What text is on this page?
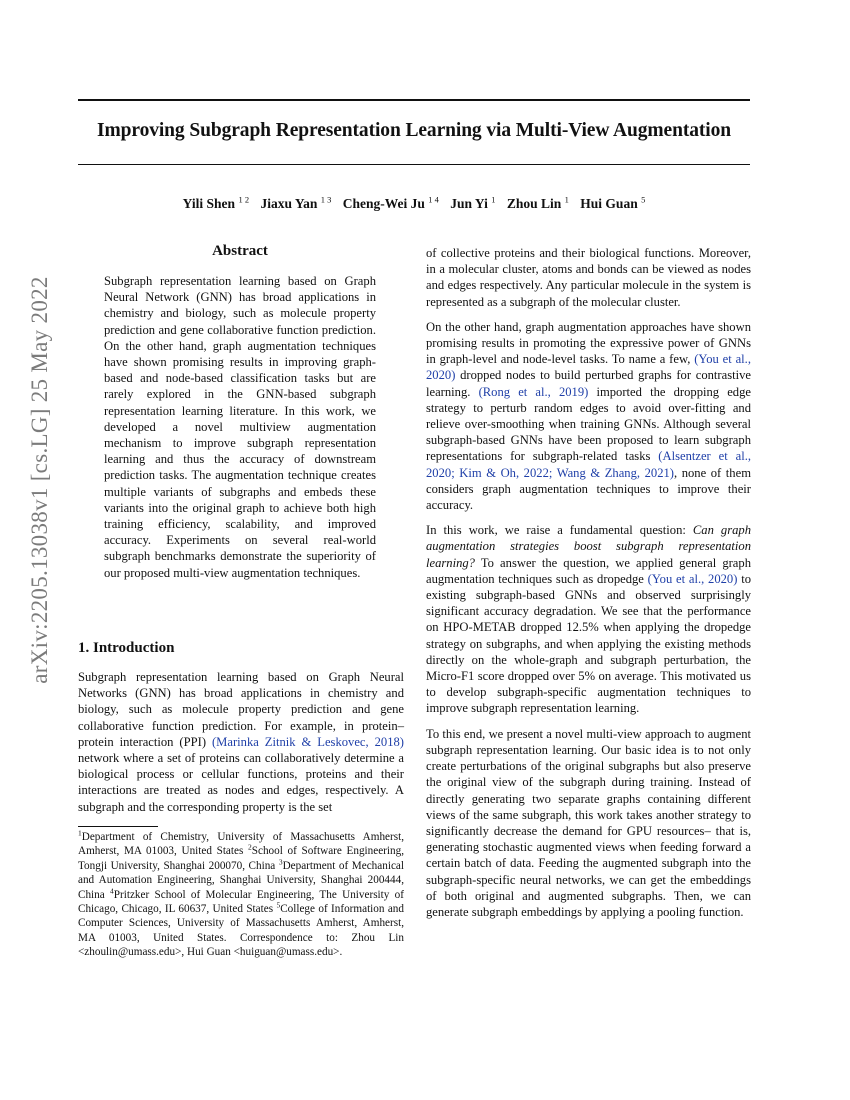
arXiv:2205.13038v1 [cs.LG] 25 May 2022
Improving Subgraph Representation Learning via Multi-View Augmentation
Yili Shen $^{1 2}$ Jiaxu Yan $^{1 3}$ Cheng-Wei Ju $^{1 4}$ Jun Yi $^1$ Zhou Lin $^1$ Hui Guan $^5$
Abstract

Subgraph representation learning based on Graph Neural Network (GNN) has broad applications in chemistry and biology, such as molecule property prediction and gene collaborative function prediction. On the other hand, graph augmentation techniques have shown promising results in improving graph-based and node-based classification tasks but are rarely explored in the GNN-based subgraph representation learning literature. In this work, we developed a novel multiview augmentation mechanism to improve subgraph representation learning and thus the accuracy of downstream prediction tasks. The augmentation technique creates multiple variants of subgraphs and embeds these variants into the original graph to achieve both high training efficiency, scalability, and improved accuracy. Experiments on several real-world subgraph benchmarks demonstrate the superiority of our proposed multi-view augmentation techniques.

1. Introduction

Subgraph representation learning based on Graph Neural Networks (GNN) has broad applications in chemistry and biology, such as molecule property prediction and gene collaborative function prediction. For example, in protein–protein interaction (PPI) (Marinka Zitnik & Leskovec, 2018) network where a set of proteins can collaboratively determine a biological process or cellular functions, proteins and their interactions are treated as nodes and edges, respectively. A subgraph and the corresponding property is the set

$^1$Department of Chemistry, University of Massachusetts Amherst, Amherst, MA 01003, United States $^2$School of Software Engineering, Tongji University, Shanghai 200070, China $^3$Department of Mechanical and Automation Engineering, Shanghai University, Shanghai 200444, China $^4$Pritzker School of Molecular Engineering, The University of Chicago, Chicago, IL 60637, United States $^5$College of Information and Computer Sciences, University of Massachusetts Amherst, Amherst, MA 01003, United States. Correspondence to: Zhou Lin <zhoulin@umass.edu>, Hui Guan <huiguan@umass.edu>.

of collective proteins and their biological functions. Moreover, in a molecular cluster, atoms and bonds can be viewed as nodes and edges respectively. Any particular molecule in the system is represented as a subgraph of the molecular cluster.

On the other hand, graph augmentation approaches have shown promising results in promoting the expressive power of GNNs in graph-level and node-level tasks. To name a few, (You et al., 2020) dropped nodes to build perturbed graphs for contrastive learning. (Rong et al., 2019) imported the dropping edge strategy to perturb random edges to avoid over-fitting and relieve over-smoothing when training GNNs. Although several subgraph-based GNNs have been proposed to learn subgraph representations for subgraph-related tasks (Alsentzer et al., 2020; Kim & Oh, 2022; Wang & Zhang, 2021), none of them considers graph augmentation techniques to improve their accuracy.

In this work, we raise a fundamental question: Can graph augmentation strategies boost subgraph representation learning? To answer the question, we applied general graph augmentation techniques such as dropedge (You et al., 2020) to existing subgraph-based GNNs and observed surprisingly significant accuracy degradation. We see that the performance on HPO-METAB dropped 12.5% when applying the dropedge strategy on subgraphs, and when applying the existing methods directly on the whole-graph and subgraph perturbation, the Micro-F1 score dropped over 5% on average. This motivated us to develop subgraph-specific augmentation techniques to improve subgraph representation learning.

To this end, we present a novel multi-view approach to augment subgraph representation learning. Our basic idea is to not only create perturbations of the original subgraphs but also preserve the original view of the subgraph during training. Instead of directly generating two separate graphs containing different views of the same subgraph, this work takes another strategy to significantly decrease the demand for GPU resources– that is, generating stochastic augmented views when feeding forward a certain batch of data. Feeding the augmented subgraph into the subgraph-specific neural networks, we can get the embeddings of both original and augmented subgraphs. Then, we can generate subgraph embeddings by applying a pooling function.
